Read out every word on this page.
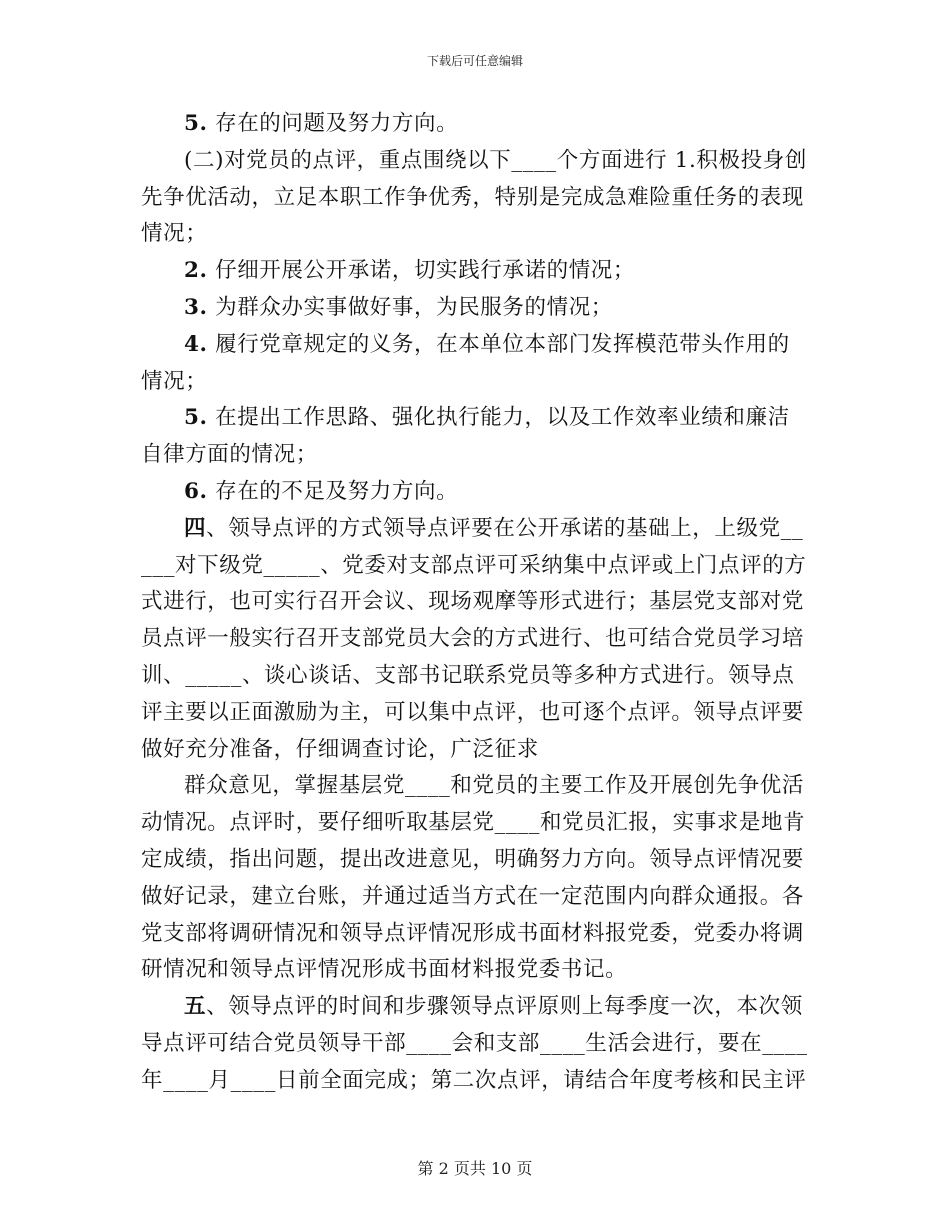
下载后可任意编辑

5. 存在的问题及努力方向。

(二)对党员的点评，重点围绕以下____个方面进行 1.积极投身创先争优活动，立足本职工作争优秀，特别是完成急难险重任务的表现情况；

2. 仔细开展公开承诺，切实践行承诺的情况；

3. 为群众办实事做好事，为民服务的情况；

4. 履行党章规定的义务，在本单位本部门发挥模范带头作用的情况；

5. 在提出工作思路、强化执行能力，以及工作效率业绩和廉洁自律方面的情况；

6. 存在的不足及努力方向。

四、领导点评的方式领导点评要在公开承诺的基础上，上级党_____对下级党_____、党委对支部点评可采纳集中点评或上门点评的方式进行，也可实行召开会议、现场观摩等形式进行；基层党支部对党员点评一般实行召开支部党员大会的方式进行、也可结合党员学习培训、_____、谈心谈话、支部书记联系党员等多种方式进行。领导点评主要以正面激励为主，可以集中点评，也可逐个点评。领导点评要做好充分准备，仔细调查讨论，广泛征求

群众意见，掌握基层党____和党员的主要工作及开展创先争优活动情况。点评时，要仔细听取基层党____和党员汇报，实事求是地肯定成绩，指出问题，提出改进意见，明确努力方向。领导点评情况要做好记录，建立台账，并通过适当方式在一定范围内向群众通报。各党支部将调研情况和领导点评情况形成书面材料报党委，党委办将调研情况和领导点评情况形成书面材料报党委书记。

五、领导点评的时间和步骤领导点评原则上每季度一次，本次领导点评可结合党员领导干部____会和支部____生活会进行，要在____年____月____日前全面完成；第二次点评，请结合年度考核和民主评

第 2 页共 10 页
